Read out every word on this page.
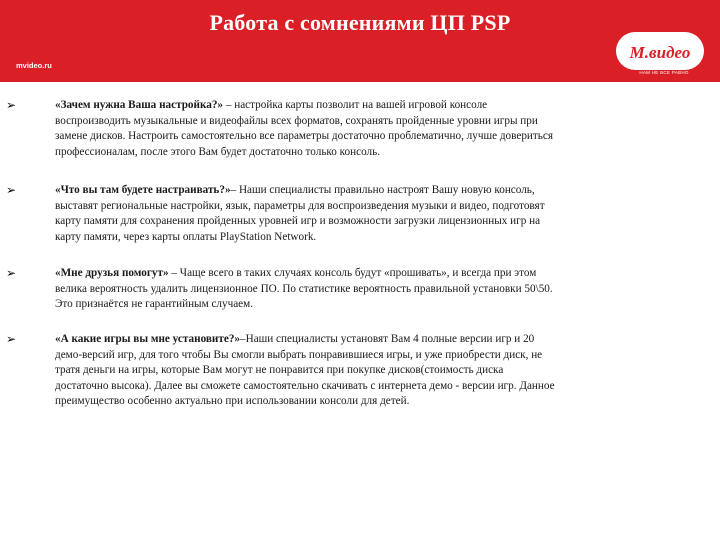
Работа с сомнениями ЦП PSP
mvideo.ru
М.видео
НАМ НЕ ВСЕ РАВНО
➢	«Зачем нужна Ваша настройка?» – настройка карты позволит на вашей игровой консоле
воспроизводить музыкальные и видеофайлы всех форматов, сохранять пройденные уровни игры при
замене дисков. Настроить самостоятельно все параметры достаточно проблематично, лучше довериться
профессионалам, после этого Вам будет достаточно только консоль.
➢	«Что вы там будете настраивать?»– Наши специалисты правильно настроят Вашу новую консоль,
выставят региональные настройки, язык, параметры для воспроизведения музыки и видео, подготовят
карту памяти для сохранения пройденных уровней игр и возможности загрузки лицензионных игр на
карту памяти, через карты оплаты PlayStation Network.
➢	«Мне друзья помогут» – Чаще всего в таких случаях консоль будут «прошивать», и всегда при этом
велика вероятность удалить лицензионное ПО. По статистике вероятность правильной установки 50\50.
Это признаётся не гарантийным случаем.
➢	«А какие игры вы мне установите?»–Наши специалисты установят Вам 4 полные версии игр и 20
демо-версий игр, для того чтобы Вы смогли выбрать понравившиеся игры, и уже приобрести диск, не
тратя деньги на игры, которые Вам могут не понравится при покупке дисков(стоимость диска
достаточно высока). Далее вы сможете самостоятельно скачивать с интернета демо - версии игр. Данное
преимущество особенно актуально при использовании консоли для детей.
